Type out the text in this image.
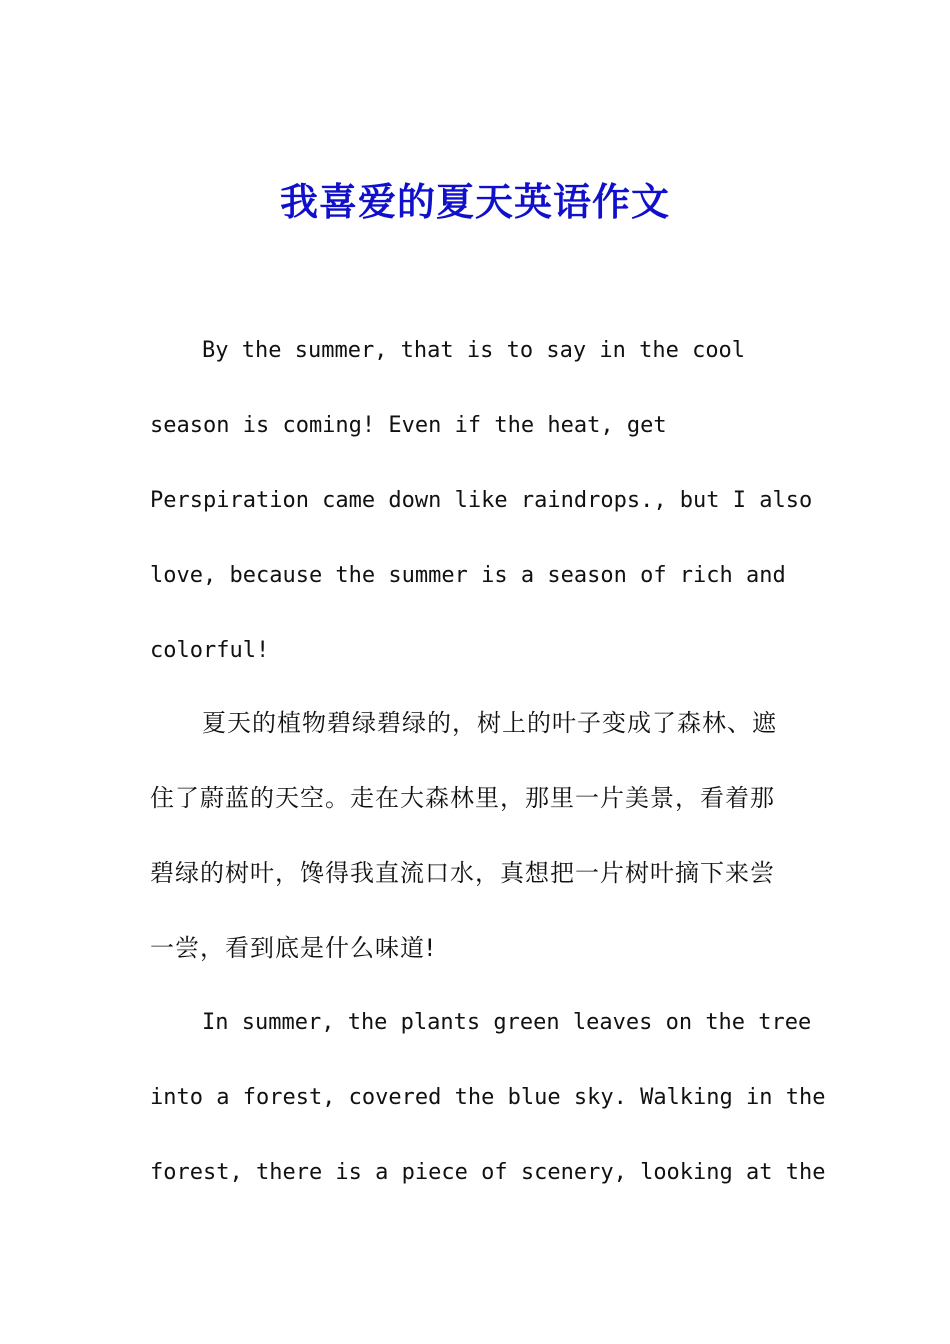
我喜爱的夏天英语作文

By the summer, that is to say in the cool

season is coming! Even if the heat, get

Perspiration came down like raindrops., but I also

love, because the summer is a season of rich and

colorful!

夏天的植物碧绿碧绿的，树上的叶子变成了森林、遮

住了蔚蓝的天空。走在大森林里，那里一片美景，看着那

碧绿的树叶，馋得我直流口水，真想把一片树叶摘下来尝

一尝，看到底是什么味道!

In summer, the plants green leaves on the tree

into a forest, covered the blue sky. Walking in the

forest, there is a piece of scenery, looking at the
